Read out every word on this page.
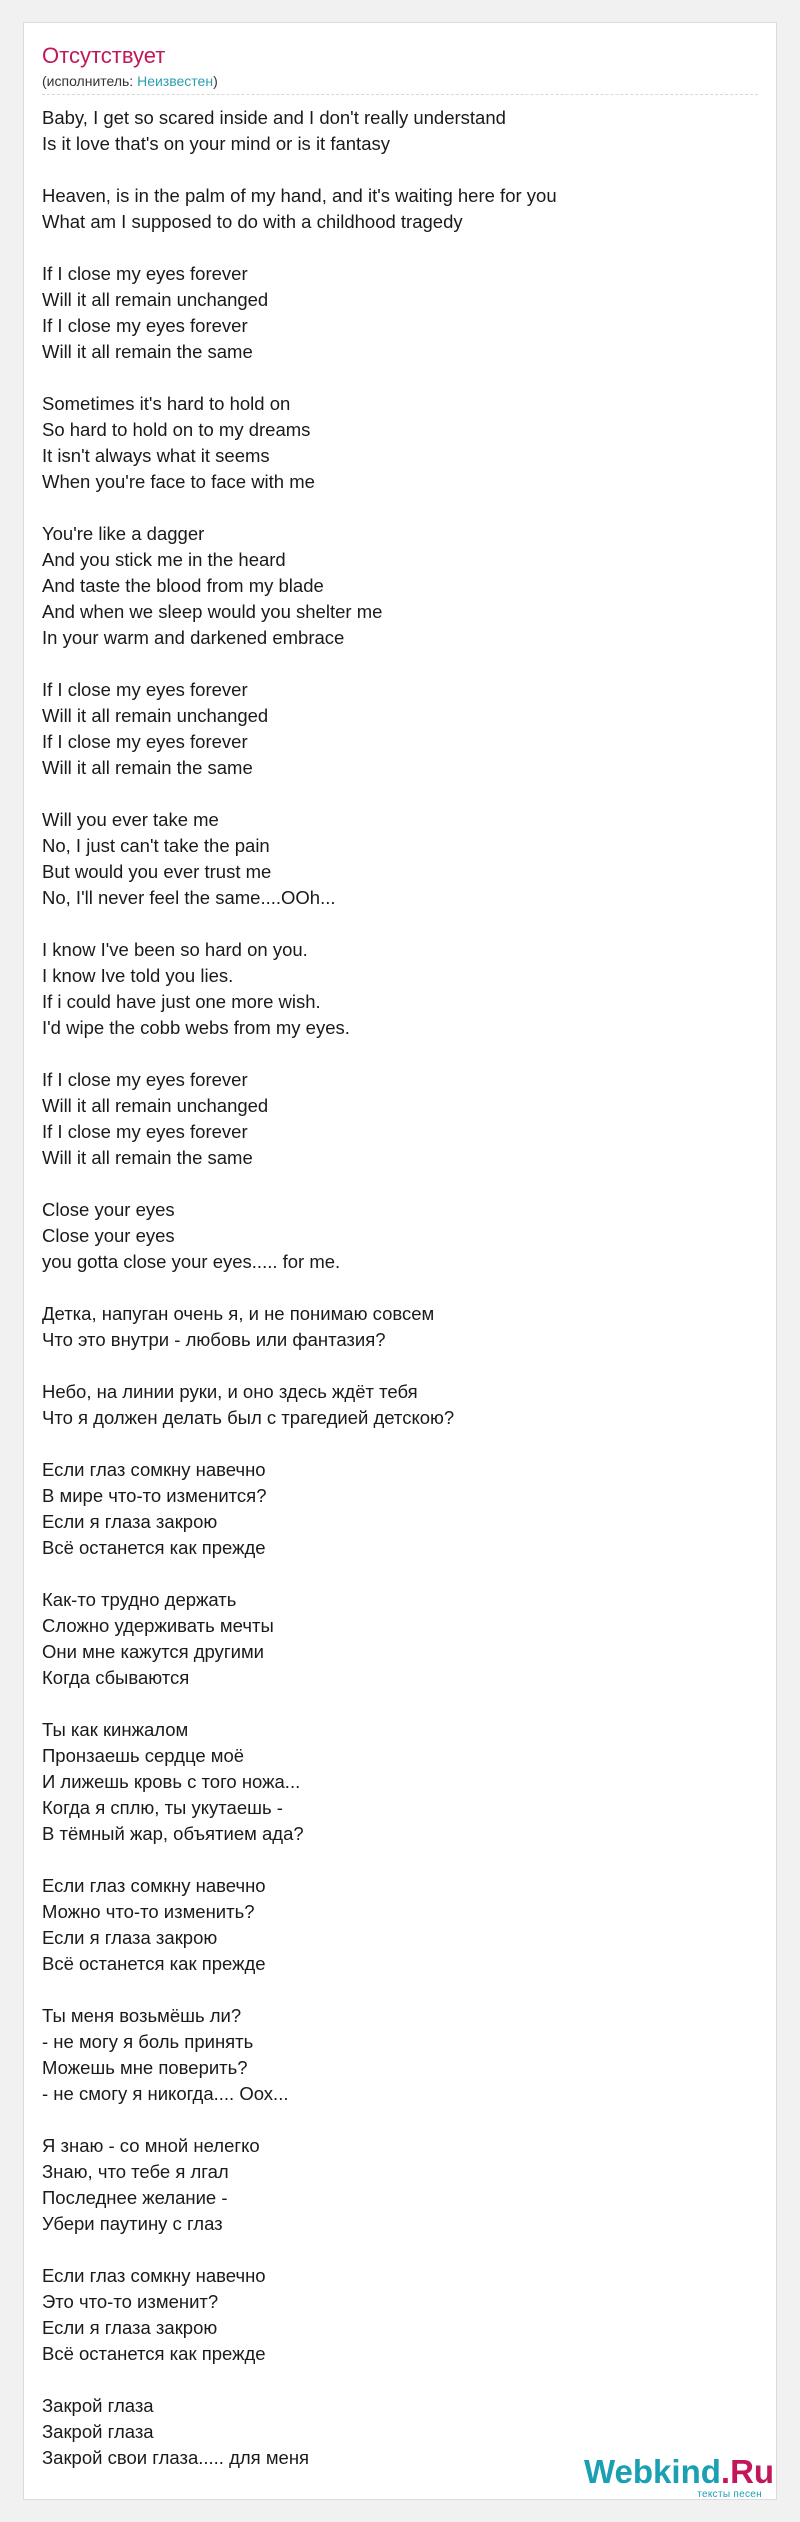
Отсутствует
(исполнитель: Неизвестен)
Baby, I get so scared inside and I don't really understand
Is it love that's on your mind or is it fantasy
Heaven, is in the palm of my hand, and it's waiting here for you
What am I supposed to do with a childhood tragedy
If I close my eyes forever
Will it all remain unchanged
If I close my eyes forever
Will it all remain the same
Sometimes it's hard to hold on
So hard to hold on to my dreams
It isn't always what it seems
When you're face to face with me
You're like a dagger
And you stick me in the heard
And taste the blood from my blade
And when we sleep would you shelter me
In your warm and darkened embrace
If I close my eyes forever
Will it all remain unchanged
If I close my eyes forever
Will it all remain the same
Will you ever take me
No, I just can't take the pain
But would you ever trust me
No, I'll never feel the same....OOh...
I know I've been so hard on you.
I know Ive told you lies.
If i could have just one more wish.
I'd wipe the cobb webs from my eyes.
If I close my eyes forever
Will it all remain unchanged
If I close my eyes forever
Will it all remain the same
Close your eyes
Close your eyes
you gotta close your eyes..... for me.
Детка, напуган очень я, и не понимаю совсем
Что это внутри - любовь или фантазия?
Небо, на линии руки, и оно здесь ждёт тебя
Что я должен делать был с трагедией детскою?
Если глаз сомкну навечно
В мире что-то изменится?
Если я глаза закрою
Всё останется как прежде
Как-то трудно держать
Сложно удерживать мечты
Они мне кажутся другими
Когда сбываются
Ты как кинжалом
Пронзаешь сердце моё
И лижешь кровь с того ножа...
Когда я сплю, ты укутаешь -
В тёмный жар, объятием ада?
Если глаз сомкну навечно
Можно что-то изменить?
Если я глаза закрою
Всё останется как прежде
Ты меня возьмёшь ли?
- не могу я боль принять
Можешь мне поверить?
- не смогу я никогда.... Оох...
Я знаю - со мной нелегко
Знаю, что тебе я лгал
Последнее желание -
Убери паутину с глаз
Если глаз сомкну навечно
Это что-то изменит?
Если я глаза закрою
Всё останется как прежде
Закрой глаза
Закрой глаза
Закрой свои глаза..... для меня	Webkind.Ru
тексты песен
